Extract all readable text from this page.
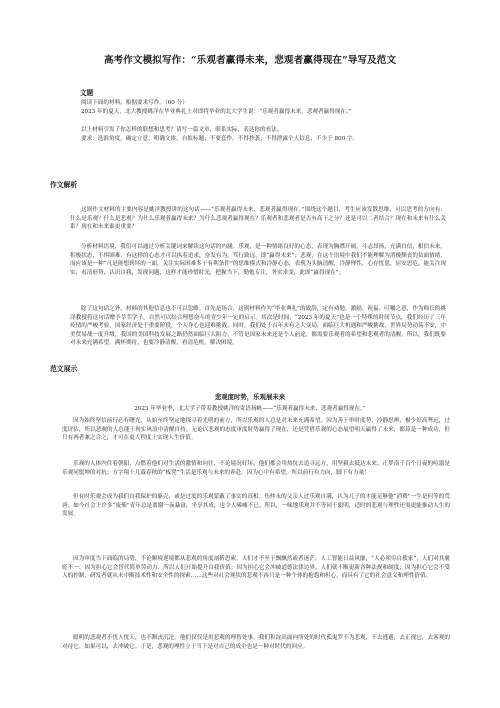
高考作文模拟写作：“乐观者赢得未来，悲观者赢得现在”导写及范文
文题
阅读下面的材料，根据要求写作。（60 分）
2023 年的夏天，北大教授姚洋在毕业典礼上对即将毕业的北大学生说：“乐观者赢得未来，悲观者赢得现在。”
以上材料引发了你怎样的联想和思考？请写一篇文章，联系实际，表达你的看法。
要求：选准角度，确定立意，明确文体，自拟标题；不要套作，不得抄袭；不得泄露个人信息；不少于 800 字。
作文解析
这则作文材料的主要内容是姚洋教授讲的这句话——“乐观者赢得未来，悲观者赢得现在。”围绕这个题目，考生应该发散思维，可以思考的方向有：什么是乐观？什么是悲观？为什么乐观者赢得未来？为什么悲观者赢得现在？乐观者和悲观者是否有高下之分？还是可以二者结合？现在和未来有什么关系？现在和未来谁更重要？
分析材料语境，我们可以通过分析关键词来解读这句话的内涵。乐观，是一种情绪良好的心态，表现为胸襟开阔，斗志昂扬，充满自信，相信未来，积极状态，不惧困难，有这样的心态才可以执着追求，奋发有为，笃行致远，即“赢得未来”；悲观，在这个语境中我们不能理解为消极颓丧的负面情绪，而应该是一种“凡是能想到坏的一面，关注实际困难多于有利条件”的思维模式和冷静心态，表现为头脑清醒，冷静理性，心存忧患，居安思危，能关注现实，看清形势，认识自我，发现问题，这样才能珍惜时光，把握当下，勤勉专注，务实求变，此即“赢得现在”。
除了这句话之外，材料的其他信息也不可以忽略。首先是场合，这则材料作为“毕业典礼”的致辞，定有劝勉、激励、祝福、叮嘱之意，作为师长的姚洋教授将这句话赠予莘莘学子，自然可以结合理想奋斗的青少年一定的启示。其次是时间，“2023 年的夏天”也是一个特殊的时间节点，我们经历了三年疫情的严峻考验，国家经济处于重要阶段，个人身心也迎难挑战，同时，我们处于百年未有之大变局，面临巨大机遇和严峻挑战，世界局势动荡不安，中美贸易战一度升级，我国的美国科技发展之路仍然面临巨大阻力。不管是国家未来还是个人前途，都需要乐观者的希望和悲观者的清醒。所以，我们既要对未来充满希望，满怀期待，也要冷静清醒，看清危机，解决困境。
范文展示
悲观度时势，乐观展未来
2023 年毕业季，北大学子带着教授姚洋的寄语扬帆——“乐观者赢得未来，悲观者赢得现在。”
因为始终坚信前行必有曙光，从始至终坚定地探寻着光明的前方，所以乐观的人总是对未来充满希望。因为善于审时度势，冷静思辨，极少好高骛远，过度评估，所以悲观的人总能于现实风浪中清醒自持。无论以悲观的态度审度时势赢得了现在，还是凭借乐观的心态展望明天赢得了未来，都算是一种成功，但只有两者兼之合之，才可在更大程度上实现人生价值。
乐观的人体内住着朝阳，点燃着他们对生活的激情和向往，不论境况好坏，他们都会用热忱去追寻远方，用坚毅去抵达未来。正梦南千百个日夜的喧嚣是乐观同盟坤的对抗；方字翔十几载春秋的“板凳”生活是乐观与未来的奔赴。因为心中有希望，所以前行有力向，脚下有力量！
但有时乐观会成为我们自我保护的躯壳，或是过度的乐观蒙蔽了事实的真相。伤仲永的父亲人过乐观自满，认为儿子的才能足够他“消费”一生是何等的荒唐；如今社会上许多“废柴”青年总是离谢一夜暴富，坐享其成，也令人唏嘘不已。所以，一味地乐观并不等同于聪明，适时的悲观与理性还需更能推动人生的发展。
因为审度当下面临的局势，不论顺境逆境都从悲观的角度剖析思索，人们才不至于飘飘然或者迷茫。人工智能日益风靡，“人必须穷自救家”，人们对其褒贬不一。因为担心它会替代简单劳动力，所以人们开始提升自我价值；因为担心它会冲破道德法律边界，人们就不断更新各种法规和制度；因为担心它会不受人的控制，研发者就从未中断技术性和安全性的探索……这些对社会现状的悲观不再只是一种个体的抱怨和担心，而具有了它的社会意义和理性价值。
聪明的悲观者不忧人忧天，也不颓丧沉沦。他们仅仅是用悲观的理智处事，我们积淀出面向所处的时代孤鬼罗不为悲观，不去逃避，去正视它，去客观的对待它。如果可以，去冲破它。于是，悲观的理性立于当下是对自己的成全也是一种对时代的回应。
